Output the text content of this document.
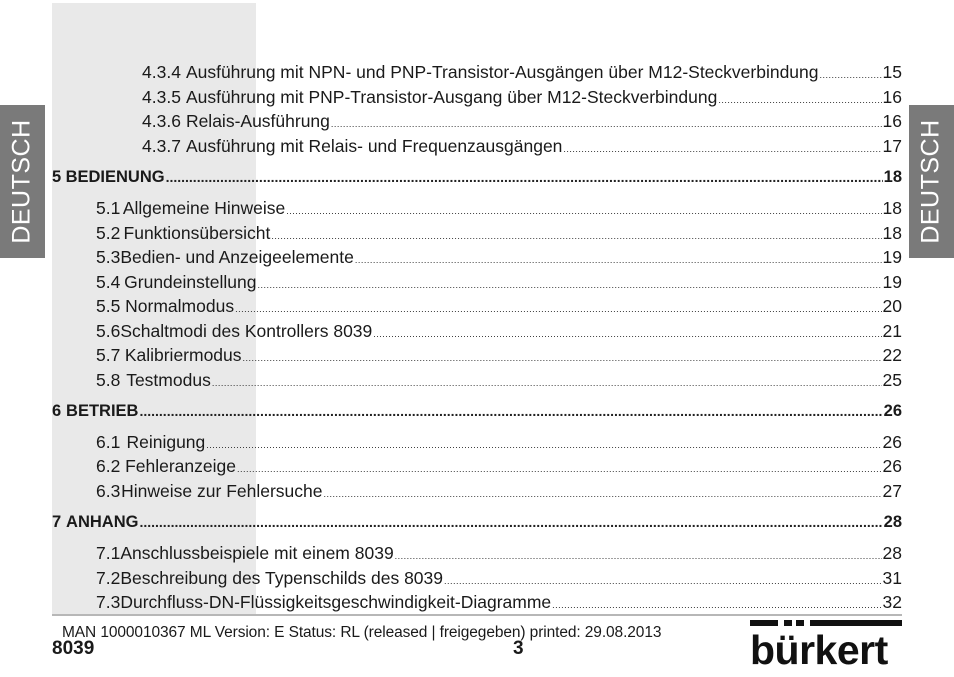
DEUTSCH	DEUTSCH
4.3.4 Ausführung mit NPN- und PNP-Transistor-Ausgängen über M12-Steckverbindung .....	15
4.3.5 Ausführung mit PNP-Transistor-Ausgang über M12-Steckverbindung .....	16
4.3.6 Relais-Ausführung .....	16
4.3.7 Ausführung mit Relais- und Frequenzausgängen .....	17
5 BEDIENUNG .....	18
5.1 Allgemeine Hinweise .....	18
5.2 Funktionsübersicht .....	18
5.3 Bedien- und Anzeigeelemente .....	19
5.4 Grundeinstellung .....	19
5.5 Normalmodus .....	20
5.6 Schaltmodi des Kontrollers 8039 .....	21
5.7 Kalibriermodus .....	22
5.8 Testmodus .....	25
6 BETRIEB .....	26
6.1 Reinigung .....	26
6.2 Fehleranzeige .....	26
6.3 Hinweise zur Fehlersuche .....	27
7 ANHANG .....	28
7.1 Anschlussbeispiele mit einem 8039 .....	28
7.2 Beschreibung des Typenschilds des 8039 .....	31
7.3 Durchfluss-DN-Flüssigkeitsgeschwindigkeit-Diagramme .....	32
MAN 1000010367 ML Version: E Status: RL (released | freigegeben) printed: 29.08.2013
8039	3	bürkert
